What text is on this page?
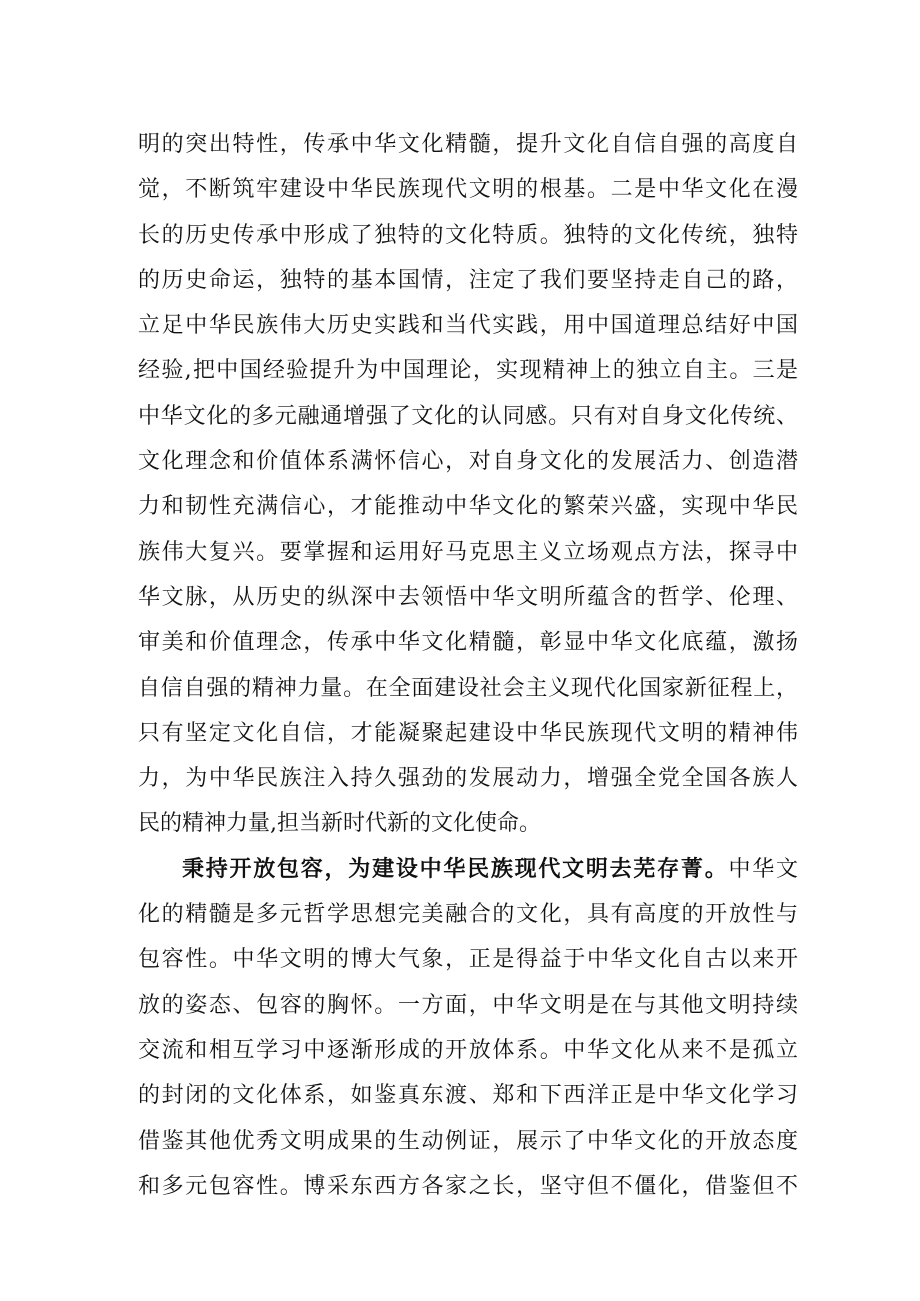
明的突出特性，传承中华文化精髓，提升文化自信自强的高度自
觉，不断筑牢建设中华民族现代文明的根基。二是中华文化在漫
长的历史传承中形成了独特的文化特质。独特的文化传统，独特
的历史命运，独特的基本国情，注定了我们要坚持走自己的路，
立足中华民族伟大历史实践和当代实践，用中国道理总结好中国
经验,把中国经验提升为中国理论，实现精神上的独立自主。三是
中华文化的多元融通增强了文化的认同感。只有对自身文化传统、
文化理念和价值体系满怀信心，对自身文化的发展活力、创造潜
力和韧性充满信心，才能推动中华文化的繁荣兴盛，实现中华民
族伟大复兴。要掌握和运用好马克思主义立场观点方法，探寻中
华文脉，从历史的纵深中去领悟中华文明所蕴含的哲学、伦理、
审美和价值理念，传承中华文化精髓，彰显中华文化底蕴，激扬
自信自强的精神力量。在全面建设社会主义现代化国家新征程上，
只有坚定文化自信，才能凝聚起建设中华民族现代文明的精神伟
力，为中华民族注入持久强劲的发展动力，增强全党全国各族人
民的精神力量,担当新时代新的文化使命。
秉持开放包容，为建设中华民族现代文明去芜存菁。中华文
化的精髓是多元哲学思想完美融合的文化，具有高度的开放性与
包容性。中华文明的博大气象，正是得益于中华文化自古以来开
放的姿态、包容的胸怀。一方面，中华文明是在与其他文明持续
交流和相互学习中逐渐形成的开放体系。中华文化从来不是孤立
的封闭的文化体系，如鉴真东渡、郑和下西洋正是中华文化学习
借鉴其他优秀文明成果的生动例证，展示了中华文化的开放态度
和多元包容性。博采东西方各家之长，坚守但不僵化，借鉴但不
